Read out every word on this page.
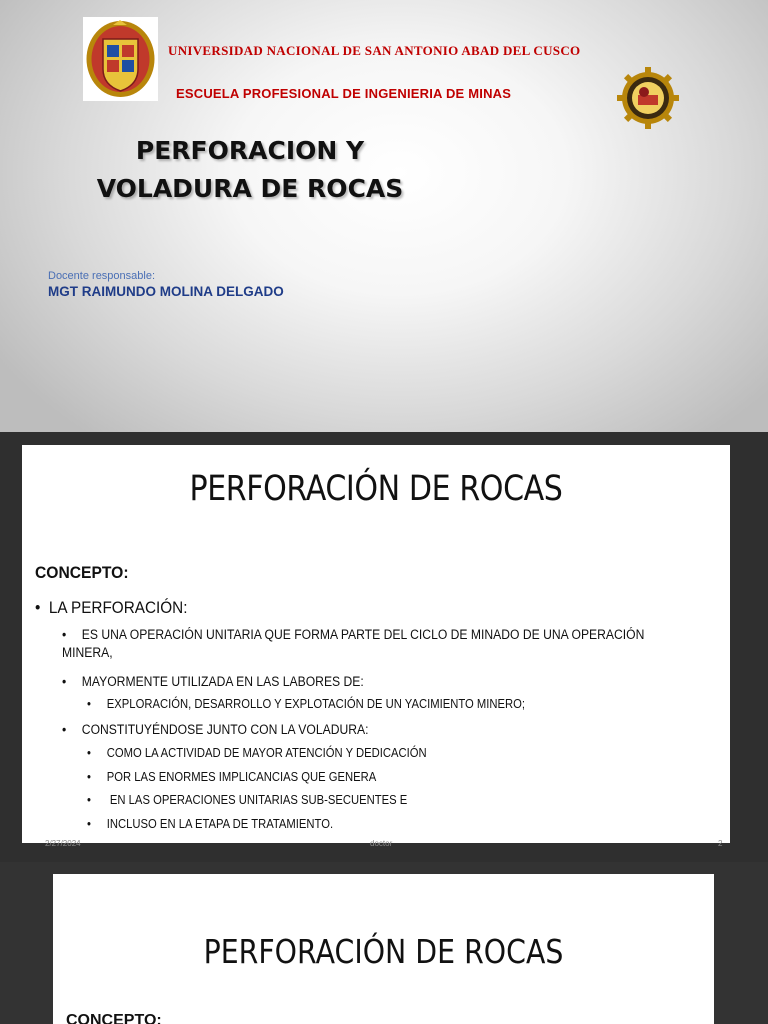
UNIVERSIDAD NACIONAL DE SAN ANTONIO ABAD DEL CUSCO
ESCUELA PROFESIONAL DE INGENIERIA DE MINAS
PERFORACION Y
VOLADURA DE ROCAS
Docente responsable:
MGT RAIMUNDO MOLINA DELGADO
PERFORACIÓN DE ROCAS
CONCEPTO:
•  LA PERFORACIÓN:
• ES UNA OPERACIÓN UNITARIA QUE FORMA PARTE DEL CICLO DE MINADO DE UNA OPERACIÓN MINERA,
• MAYORMENTE UTILIZADA EN LAS LABORES DE:
• EXPLORACIÓN, DESARROLLO Y EXPLOTACIÓN DE UN YACIMIENTO MINERO;
• CONSTITUYÉNDOSE JUNTO CON LA VOLADURA:
• COMO LA ACTIVIDAD DE MAYOR ATENCIÓN Y DEDICACIÓN
• POR LAS ENORMES IMPLICANCIAS QUE GENERA
• EN LAS OPERACIONES UNITARIAS SUB-SECUENTES E
• INCLUSO EN LA ETAPA DE TRATAMIENTO.
2/27/2024	doctor	2
PERFORACIÓN DE ROCAS
CONCEPTO:
